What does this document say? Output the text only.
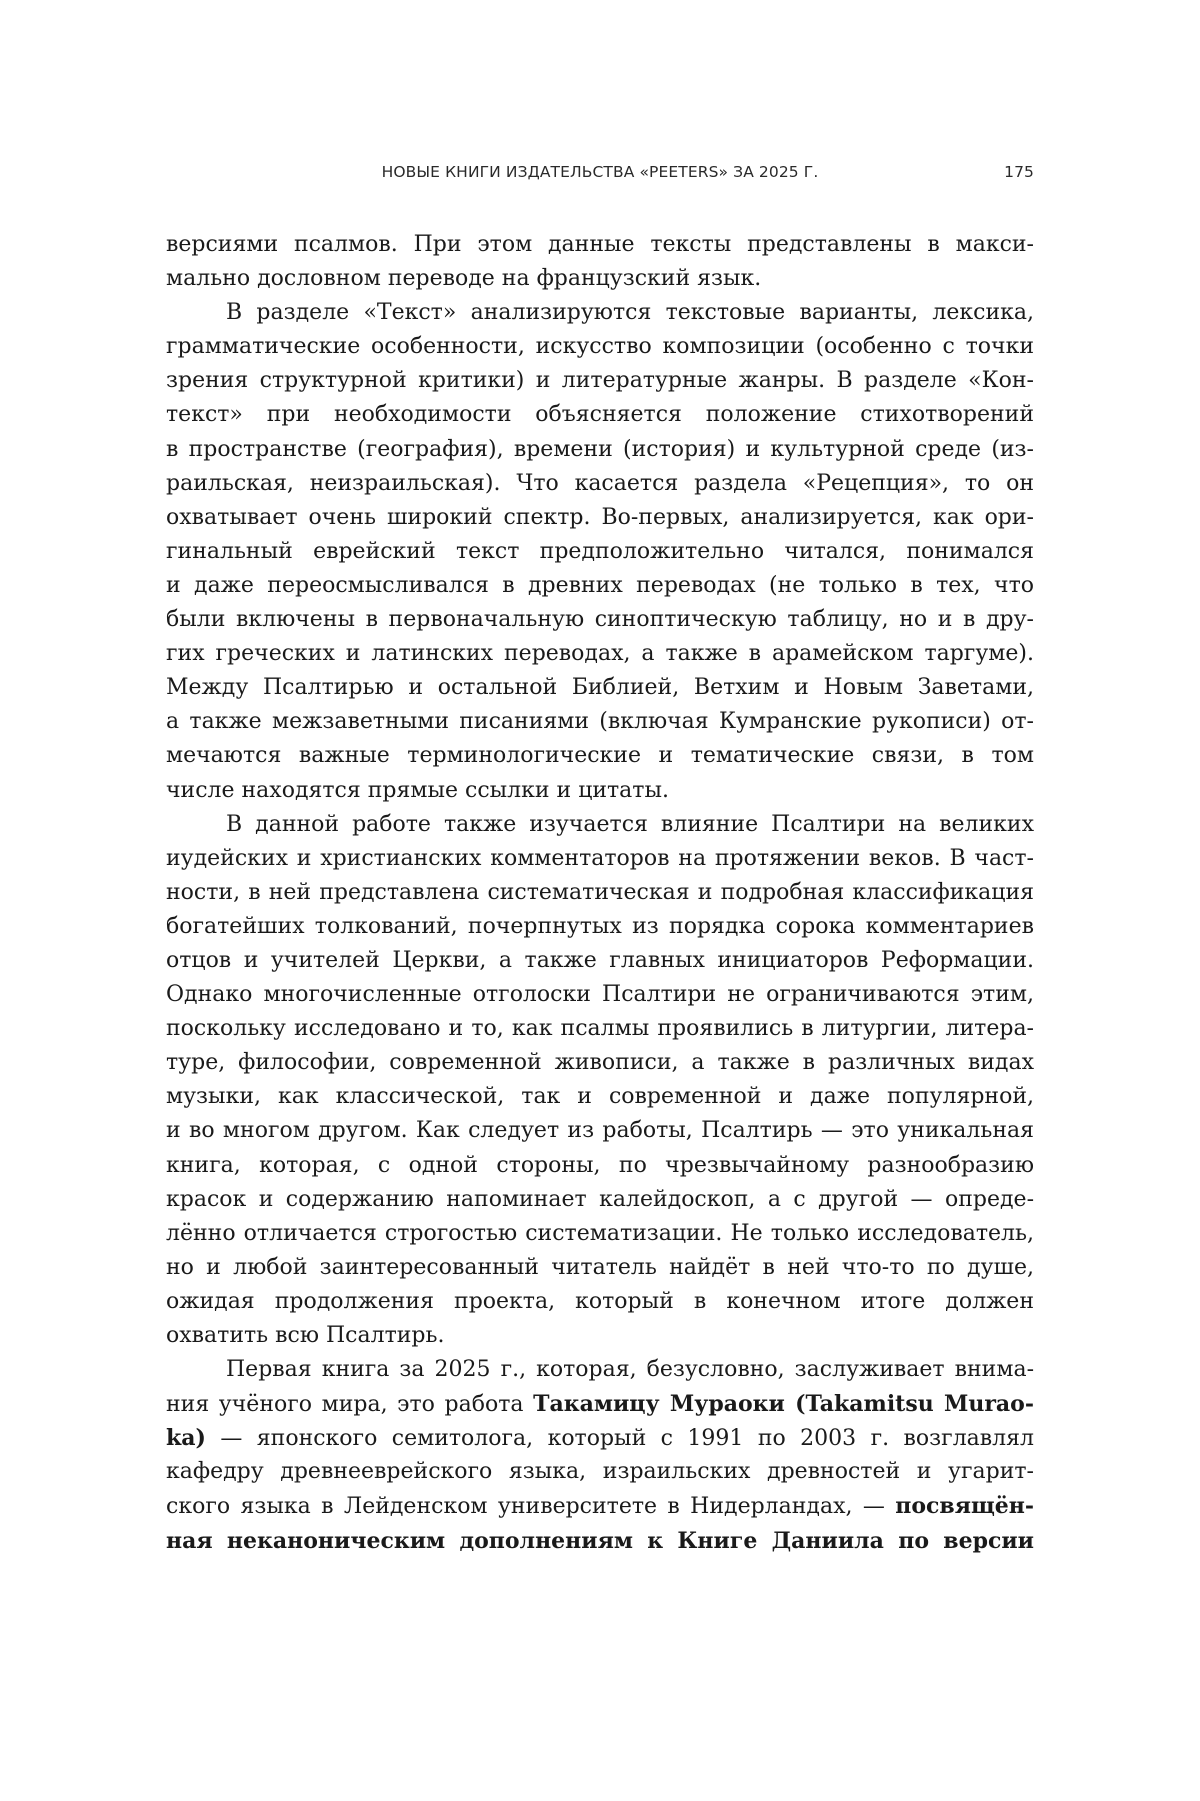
НОВЫЕ КНИГИ ИЗДАТЕЛЬСТВА «PEETERS» ЗА 2025 Г.	175
версиями псалмов. При этом данные тексты представлены в макси-
мально дословном переводе на французский язык.
В разделе «Текст» анализируются текстовые варианты, лексика,
грамматические особенности, искусство композиции (особенно с точки
зрения структурной критики) и литературные жанры. В разделе «Кон-
текст» при необходимости объясняется положение стихотворений
в пространстве (география), времени (история) и культурной среде (из-
раильская, неизраильская). Что касается раздела «Рецепция», то он
охватывает очень широкий спектр. Во-первых, анализируется, как ори-
гинальный еврейский текст предположительно читался, понимался
и даже переосмысливался в древних переводах (не только в тех, что
были включены в первоначальную синоптическую таблицу, но и в дру-
гих греческих и латинских переводах, а также в арамейском таргуме).
Между Псалтирью и остальной Библией, Ветхим и Новым Заветами,
а также межзаветными писаниями (включая Кумранские рукописи) от-
мечаются важные терминологические и тематические связи, в том
числе находятся прямые ссылки и цитаты.
В данной работе также изучается влияние Псалтири на великих
иудейских и христианских комментаторов на протяжении веков. В част-
ности, в ней представлена систематическая и подробная классификация
богатейших толкований, почерпнутых из порядка сорока комментариев
отцов и учителей Церкви, а также главных инициаторов Реформации.
Однако многочисленные отголоски Псалтири не ограничиваются этим,
поскольку исследовано и то, как псалмы проявились в литургии, литера-
туре, философии, современной живописи, а также в различных видах
музыки, как классической, так и современной и даже популярной,
и во многом другом. Как следует из работы, Псалтирь — это уникальная
книга, которая, с одной стороны, по чрезвычайному разнообразию
красок и содержанию напоминает калейдоскоп, а с другой — опреде-
лённо отличается строгостью систематизации. Не только исследователь,
но и любой заинтересованный читатель найдёт в ней что-то по душе,
ожидая продолжения проекта, который в конечном итоге должен
охватить всю Псалтирь.
Первая книга за 2025 г., которая, безусловно, заслуживает внима-
ния учёного мира, это работа Такамицу Мураоки (Takamitsu Murao-
ka) — японского семитолога, который с 1991 по 2003 г. возглавлял
кафедру древнееврейского языка, израильских древностей и угарит-
ского языка в Лейденском университете в Нидерландах, — посвящён-
ная неканоническим дополнениям к Книге Даниила по версии
